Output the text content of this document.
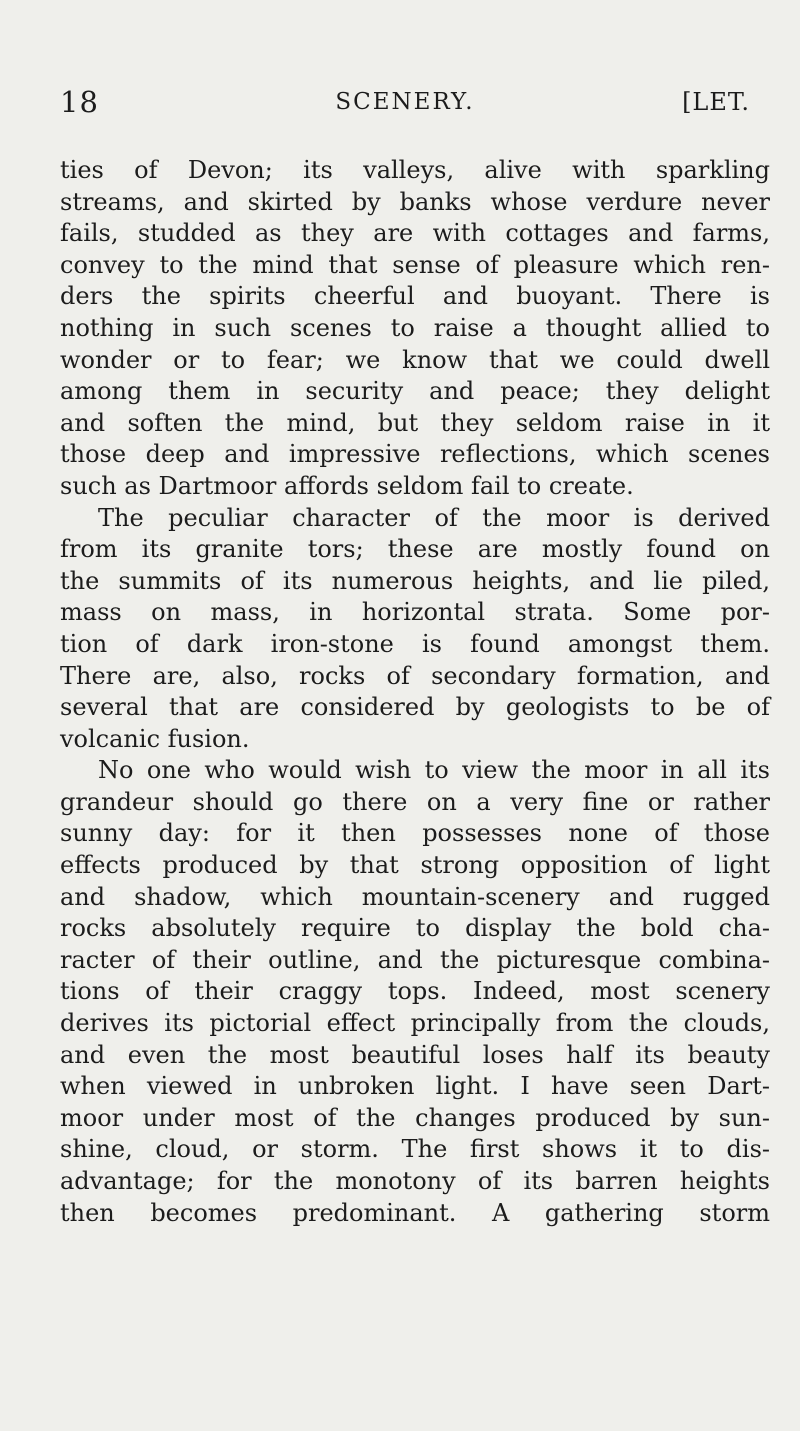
18	SCENERY.	[LET.
ties of Devon; its valleys, alive with sparkling
streams, and skirted by banks whose verdure never
fails, studded as they are with cottages and farms,
convey to the mind that sense of pleasure which ren-
ders the spirits cheerful and buoyant. There is
nothing in such scenes to raise a thought allied to
wonder or to fear; we know that we could dwell
among them in security and peace; they delight
and soften the mind, but they seldom raise in it
those deep and impressive reflections, which scenes
such as Dartmoor affords seldom fail to create.
The peculiar character of the moor is derived
from its granite tors; these are mostly found on
the summits of its numerous heights, and lie piled,
mass on mass, in horizontal strata. Some por-
tion of dark iron-stone is found amongst them.
There are, also, rocks of secondary formation, and
several that are considered by geologists to be of
volcanic fusion.
No one who would wish to view the moor in all its
grandeur should go there on a very fine or rather
sunny day: for it then possesses none of those
effects produced by that strong opposition of light
and shadow, which mountain-scenery and rugged
rocks absolutely require to display the bold cha-
racter of their outline, and the picturesque combina-
tions of their craggy tops. Indeed, most scenery
derives its pictorial effect principally from the clouds,
and even the most beautiful loses half its beauty
when viewed in unbroken light. I have seen Dart-
moor under most of the changes produced by sun-
shine, cloud, or storm. The first shows it to dis-
advantage; for the monotony of its barren heights
then becomes predominant. A gathering storm
